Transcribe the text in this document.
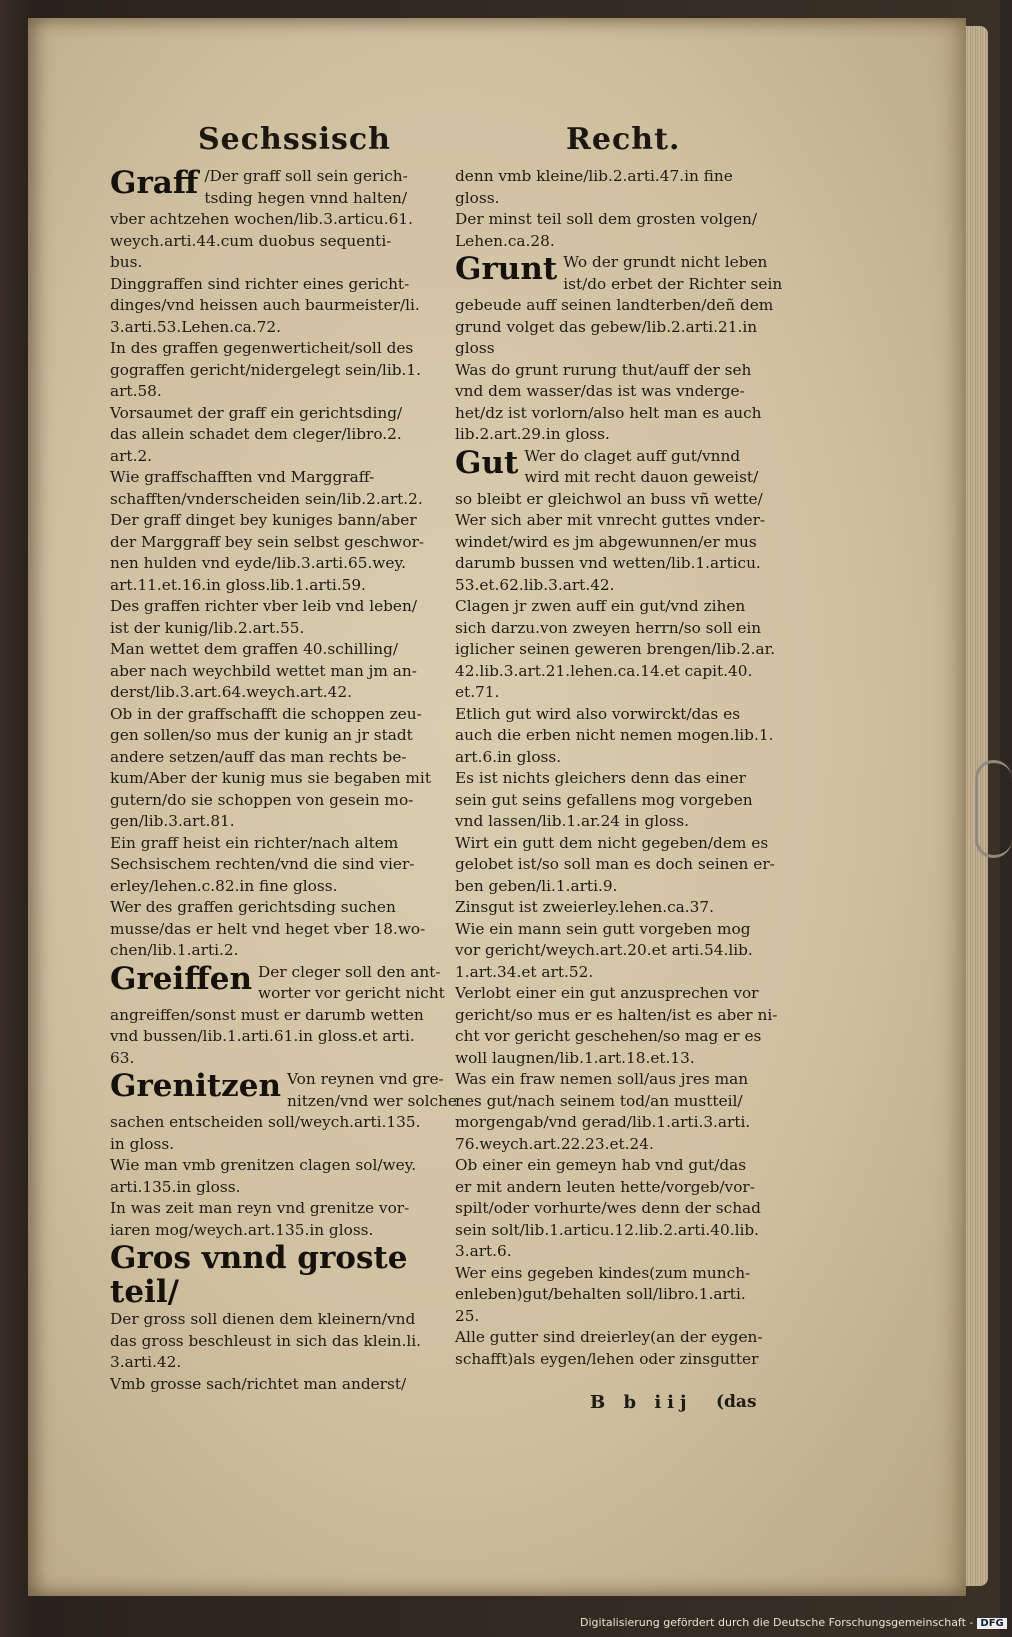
Sechssisch	Recht.
Graff /Der graff soll sein gerich-
tsding hegen vnnd halten/
vber achtzehen wochen/lib.3.articu.61.
weych.arti.44.cum duobus sequenti-
bus.
Dinggraffen sind richter eines gericht-
dinges/vnd heissen auch baurmeister/li.
3.arti.53.Lehen.ca.72.
In des graffen gegenwerticheit/soll des
gograffen gericht/nidergelegt sein/lib.1.
art.58.
Vorsaumet der graff ein gerichtsding/
das allein schadet dem cleger/libro.2.
art.2.
Wie graffschafften vnd Marggraff-
schafften/vnderscheiden sein/lib.2.art.2.
Der graff dinget bey kuniges bann/aber
der Marggraff bey sein selbst geschwor-
nen hulden vnd eyde/lib.3.arti.65.wey.
art.11.et.16.in gloss.lib.1.arti.59.
Des graffen richter vber leib vnd leben/
ist der kunig/lib.2.art.55.
Man wettet dem graffen 40.schilling/
aber nach weychbild wettet man jm an-
derst/lib.3.art.64.weych.art.42.
Ob in der graffschafft die schoppen zeu-
gen sollen/so mus der kunig an jr stadt
andere setzen/auff das man rechts be-
kum/Aber der kunig mus sie begaben mit
gutern/do sie schoppen von gesein mo-
gen/lib.3.art.81.
Ein graff heist ein richter/nach altem
Sechsischem rechten/vnd die sind vier-
erley/lehen.c.82.in fine gloss.
Wer des graffen gerichtsding suchen
musse/das er helt vnd heget vber 18.wo-
chen/lib.1.arti.2.
Greiffen Der cleger soll den ant-
worter vor gericht nicht
angreiffen/sonst must er darumb wetten
vnd bussen/lib.1.arti.61.in gloss.et arti.
63.
Grenitzen Von reynen vnd gre-
nitzen/vnd wer solche
sachen entscheiden soll/weych.arti.135.
in gloss.
Wie man vmb grenitzen clagen sol/wey.
arti.135.in gloss.
In was zeit man reyn vnd grenitze vor-
iaren mog/weych.art.135.in gloss.
Gros vnnd groste teil/
Der gross soll dienen dem kleinern/vnd
das gross beschleust in sich das klein.li.
3.arti.42.
Vmb grosse sach/richtet man anderst/
denn vmb kleine/lib.2.arti.47.in fine
gloss.
Der minst teil soll dem grosten volgen/
Lehen.ca.28.
Grunt Wo der grundt nicht leben
ist/do erbet der Richter sein
gebeude auff seinen landterben/deñ dem
grund volget das gebew/lib.2.arti.21.in
gloss
Was do grunt rurung thut/auff der seh
vnd dem wasser/das ist was vnderge-
het/dz ist vorlorn/also helt man es auch
lib.2.art.29.in gloss.
Gut Wer do claget auff gut/vnnd
wird mit recht dauon geweist/
so bleibt er gleichwol an buss vñ wette/
Wer sich aber mit vnrecht guttes vnder-
windet/wird es jm abgewunnen/er mus
darumb bussen vnd wetten/lib.1.articu.
53.et.62.lib.3.art.42.
Clagen jr zwen auff ein gut/vnd zihen
sich darzu.von zweyen herrn/so soll ein
iglicher seinen geweren brengen/lib.2.ar.
42.lib.3.art.21.lehen.ca.14.et capit.40.
et.71.
Etlich gut wird also vorwirckt/das es
auch die erben nicht nemen mogen.lib.1.
art.6.in gloss.
Es ist nichts gleichers denn das einer
sein gut seins gefallens mog vorgeben
vnd lassen/lib.1.ar.24 in gloss.
Wirt ein gutt dem nicht gegeben/dem es
gelobet ist/so soll man es doch seinen er-
ben geben/li.1.arti.9.
Zinsgut ist zweierley.lehen.ca.37.
Wie ein mann sein gutt vorgeben mog
vor gericht/weych.art.20.et arti.54.lib.
1.art.34.et art.52.
Verlobt einer ein gut anzusprechen vor
gericht/so mus er es halten/ist es aber ni-
cht vor gericht geschehen/so mag er es
woll laugnen/lib.1.art.18.et.13.
Was ein fraw nemen soll/aus jres man
nes gut/nach seinem tod/an mustteil/
morgengab/vnd gerad/lib.1.arti.3.arti.
76.weych.art.22.23.et.24.
Ob einer ein gemeyn hab vnd gut/das
er mit andern leuten hette/vorgeb/vor-
spilt/oder vorhurte/wes denn der schad
sein solt/lib.1.articu.12.lib.2.arti.40.lib.
3.art.6.
Wer eins gegeben kindes(zum munch-
enleben)gut/behalten soll/libro.1.arti.
25.
Alle gutter sind dreierley(an der eygen-
schafft)als eygen/lehen oder zinsgutter
B b iij (das
Digitalisierung gefördert durch die Deutsche Forschungsgemeinschaft - DFG
